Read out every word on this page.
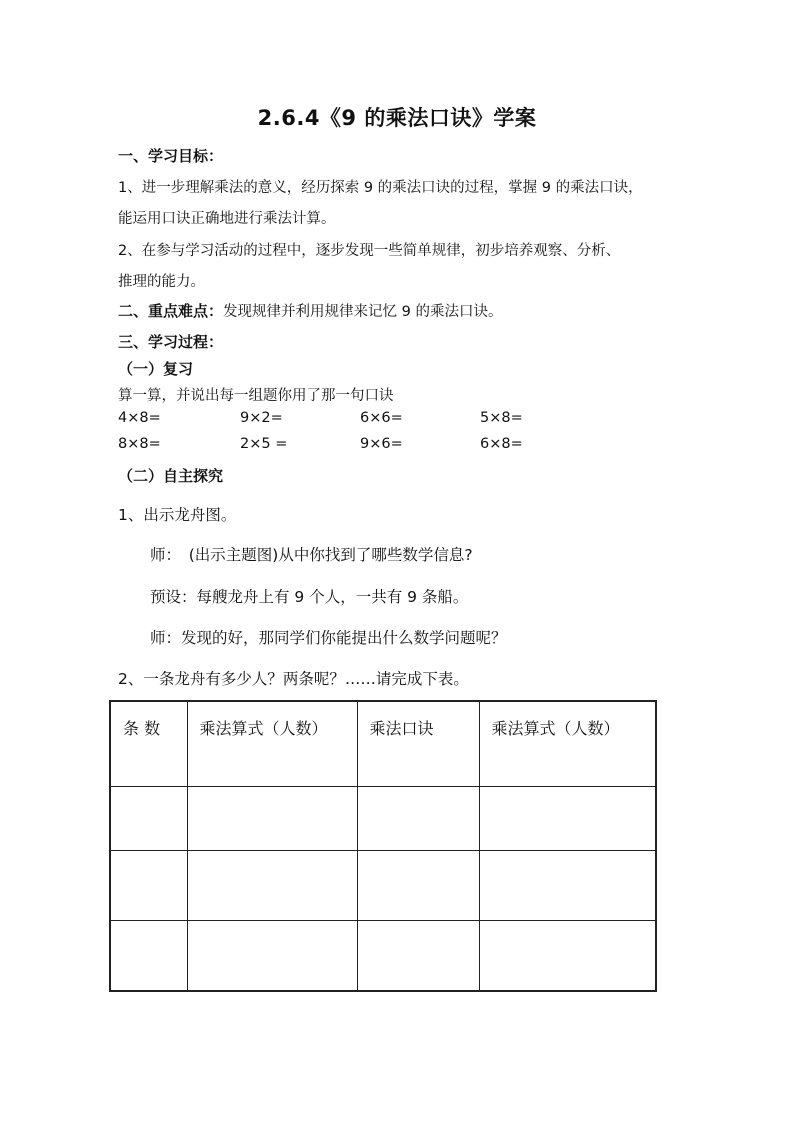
2.6.4《9 的乘法口诀》学案
一、学习目标：
1、进一步理解乘法的意义，经历探索 9 的乘法口诀的过程，掌握 9 的乘法口诀，
能运用口诀正确地进行乘法计算。
2、在参与学习活动的过程中，逐步发现一些简单规律，初步培养观察、分析、
推理的能力。
二、重点难点：发现规律并利用规律来记忆 9 的乘法口诀。
三、学习过程：
（一）复习
算一算，并说出每一组题你用了那一句口诀
4×8=	9×2=	6×6=	5×8=
8×8=	2×5 =	9×6=	6×8=
（二）自主探究
1、出示龙舟图。
师：　(出示主题图)从中你找到了哪些数学信息?
预设：每艘龙舟上有 9 个人，一共有 9 条船。
师：发现的好，那同学们你能提出什么数学问题呢？
2、一条龙舟有多少人？两条呢？……请完成下表。
条 数	乘法算式（人数）	乘法口诀	乘法算式（人数）
